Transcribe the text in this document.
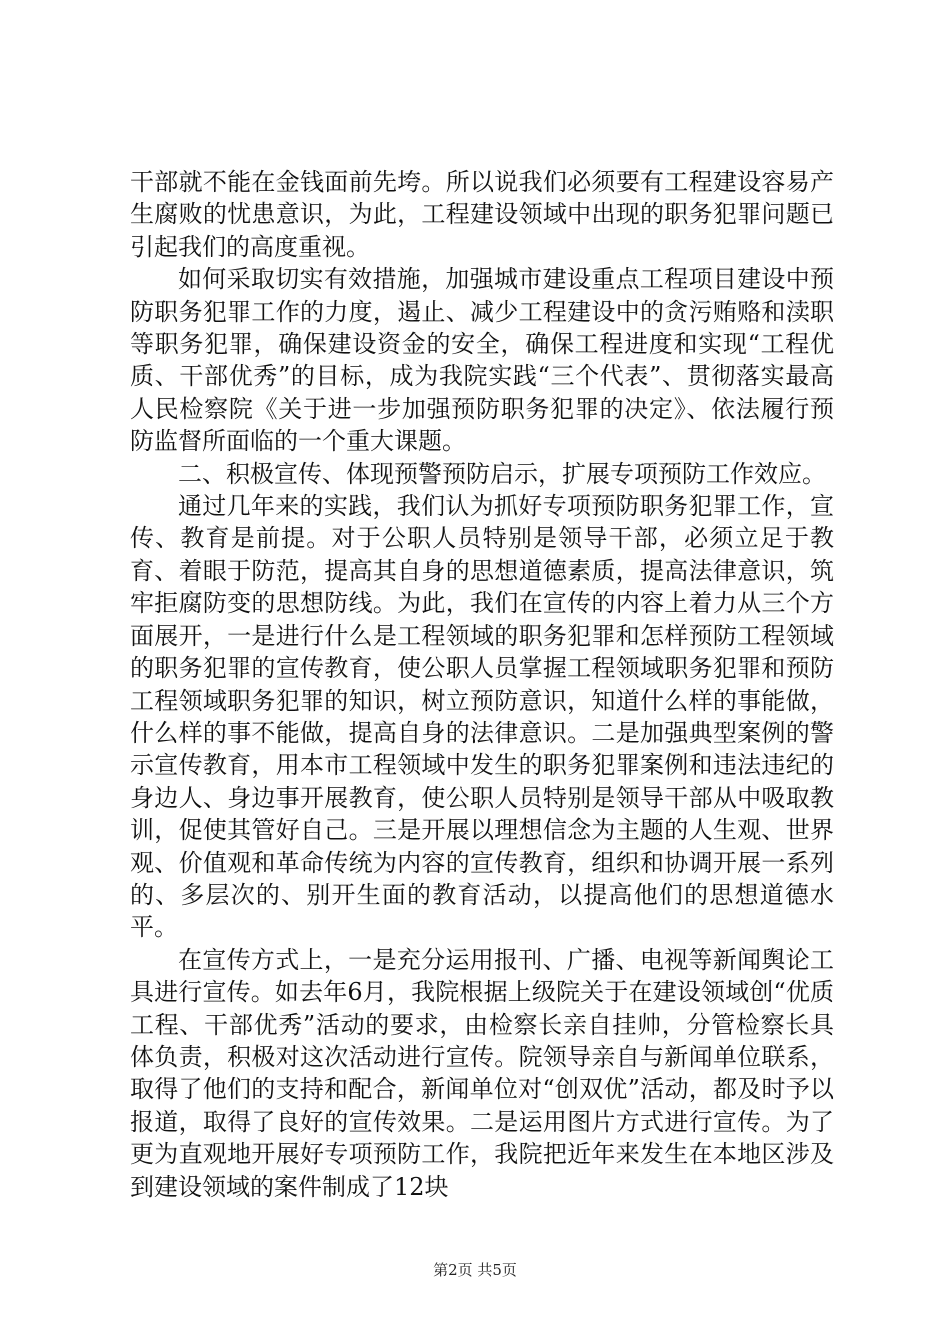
干部就不能在金钱面前先垮。所以说我们必须要有工程建设容易产生腐败的忧患意识，为此，工程建设领域中出现的职务犯罪问题已引起我们的高度重视。

如何采取切实有效措施，加强城市建设重点工程项目建设中预防职务犯罪工作的力度，遏止、减少工程建设中的贪污贿赂和渎职等职务犯罪，确保建设资金的安全，确保工程进度和实现“工程优质、干部优秀”的目标，成为我院实践“三个代表”、贯彻落实最高人民检察院《关于进一步加强预防职务犯罪的决定》、依法履行预防监督所面临的一个重大课题。

二、积极宣传、体现预警预防启示，扩展专项预防工作效应。

通过几年来的实践，我们认为抓好专项预防职务犯罪工作，宣传、教育是前提。对于公职人员特别是领导干部，必须立足于教育、着眼于防范，提高其自身的思想道德素质，提高法律意识，筑牢拒腐防变的思想防线。为此，我们在宣传的内容上着力从三个方面展开，一是进行什么是工程领域的职务犯罪和怎样预防工程领域的职务犯罪的宣传教育，使公职人员掌握工程领域职务犯罪和预防工程领域职务犯罪的知识，树立预防意识，知道什么样的事能做，什么样的事不能做，提高自身的法律意识。二是加强典型案例的警示宣传教育，用本市工程领域中发生的职务犯罪案例和违法违纪的身边人、身边事开展教育，使公职人员特别是领导干部从中吸取教训，促使其管好自己。三是开展以理想信念为主题的人生观、世界观、价值观和革命传统为内容的宣传教育，组织和协调开展一系列的、多层次的、别开生面的教育活动，以提高他们的思想道德水平。

在宣传方式上，一是充分运用报刊、广播、电视等新闻舆论工具进行宣传。如去年6月，我院根据上级院关于在建设领域创“优质工程、干部优秀”活动的要求，由检察长亲自挂帅，分管检察长具体负责，积极对这次活动进行宣传。院领导亲自与新闻单位联系，取得了他们的支持和配合，新闻单位对“创双优”活动，都及时予以报道，取得了良好的宣传效果。二是运用图片方式进行宣传。为了更为直观地开展好专项预防工作，我院把近年来发生在本地区涉及到建设领域的案件制成了12块

第2页 共5页
